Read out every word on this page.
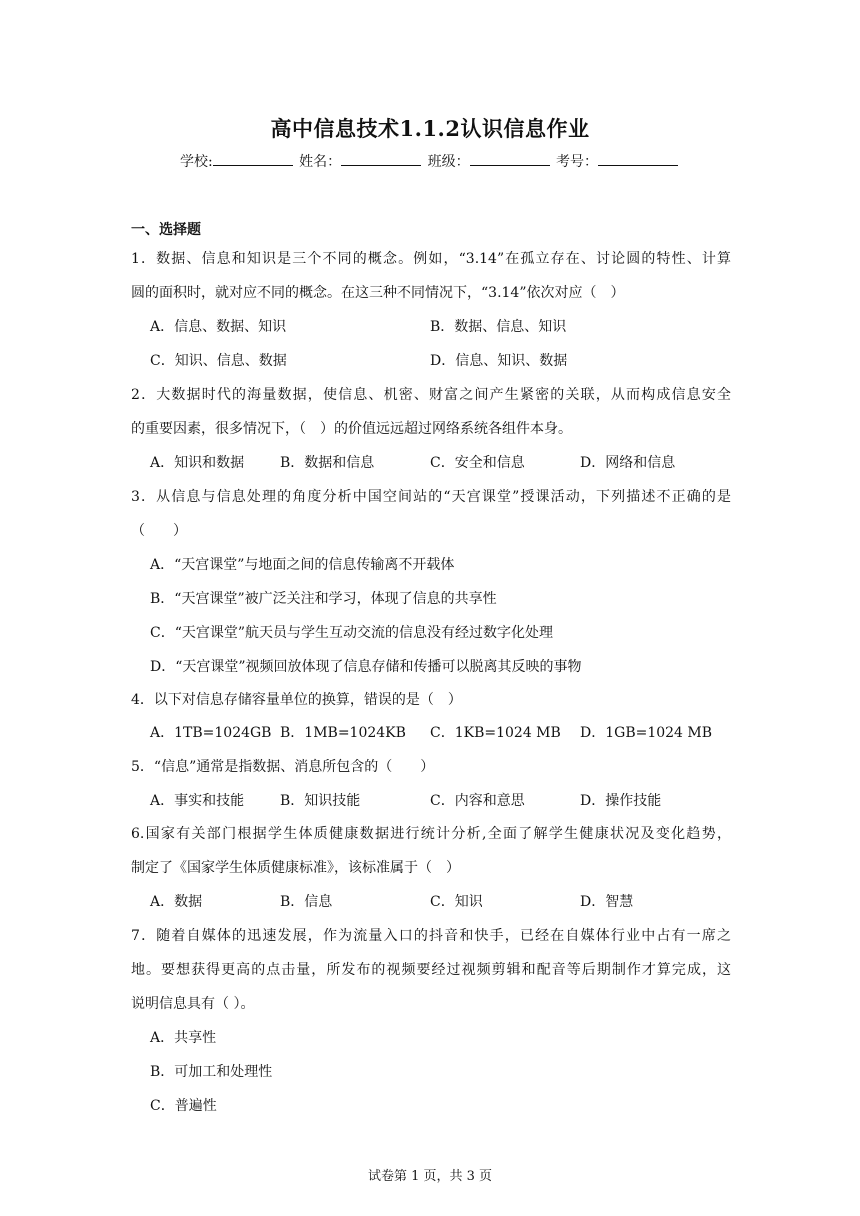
高中信息技术1.1.2认识信息作业
学校:	姓名：	班级：	考号：
一、选择题
1．数据、信息和知识是三个不同的概念。例如，“3.14”在孤立存在、讨论圆的特性、计算
圆的面积时，就对应不同的概念。在这三种不同情况下，“3.14”依次对应（　）
A．信息、数据、知识	B．数据、信息、知识
C．知识、信息、数据	D．信息、知识、数据
2．大数据时代的海量数据，使信息、机密、财富之间产生紧密的关联，从而构成信息安全
的重要因素，很多情况下，（　）的价值远远超过网络系统各组件本身。
A．知识和数据	B．数据和信息	C．安全和信息	D．网络和信息
3．从信息与信息处理的角度分析中国空间站的“天宫课堂”授课活动，下列描述不正确的是
（　　）
A．“天宫课堂”与地面之间的信息传输离不开载体
B．“天宫课堂”被广泛关注和学习，体现了信息的共享性
C．“天宫课堂”航天员与学生互动交流的信息没有经过数字化处理
D．“天宫课堂”视频回放体现了信息存储和传播可以脱离其反映的事物
4．以下对信息存储容量单位的换算，错误的是（　）
A．1TB=1024GB B．1MB=1024KB C．1KB=1024 MB D．1GB=1024 MB
5．“信息”通常是指数据、消息所包含的（　　）
A．事实和技能	B．知识技能	C．内容和意思	D．操作技能
6.国家有关部门根据学生体质健康数据进行统计分析,全面了解学生健康状况及变化趋势，
制定了《国家学生体质健康标准》，该标准属于（　）
A．数据	B．信息	C．知识	D．智慧
7．随着自媒体的迅速发展，作为流量入口的抖音和快手，已经在自媒体行业中占有一席之
地。要想获得更高的点击量，所发布的视频要经过视频剪辑和配音等后期制作才算完成，这
说明信息具有（ ）。
A．共享性
B．可加工和处理性
C．普遍性
试卷第 1 页，共 3 页
